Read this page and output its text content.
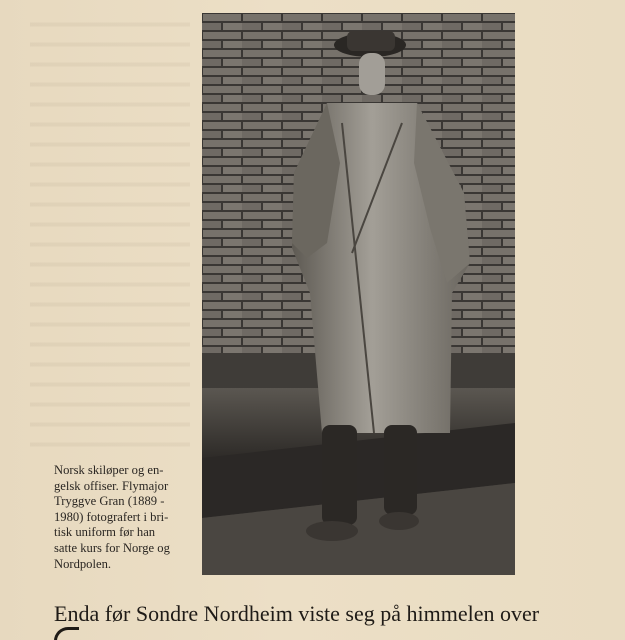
Norsk skiløper og en-
gelsk offiser. Flymajor
Tryggve Gran (1889 -
1980) fotografert i bri-
tisk uniform før han
satte kurs for Norge og
Nordpolen.
Enda før Sondre Nordheim viste seg på himmelen over
